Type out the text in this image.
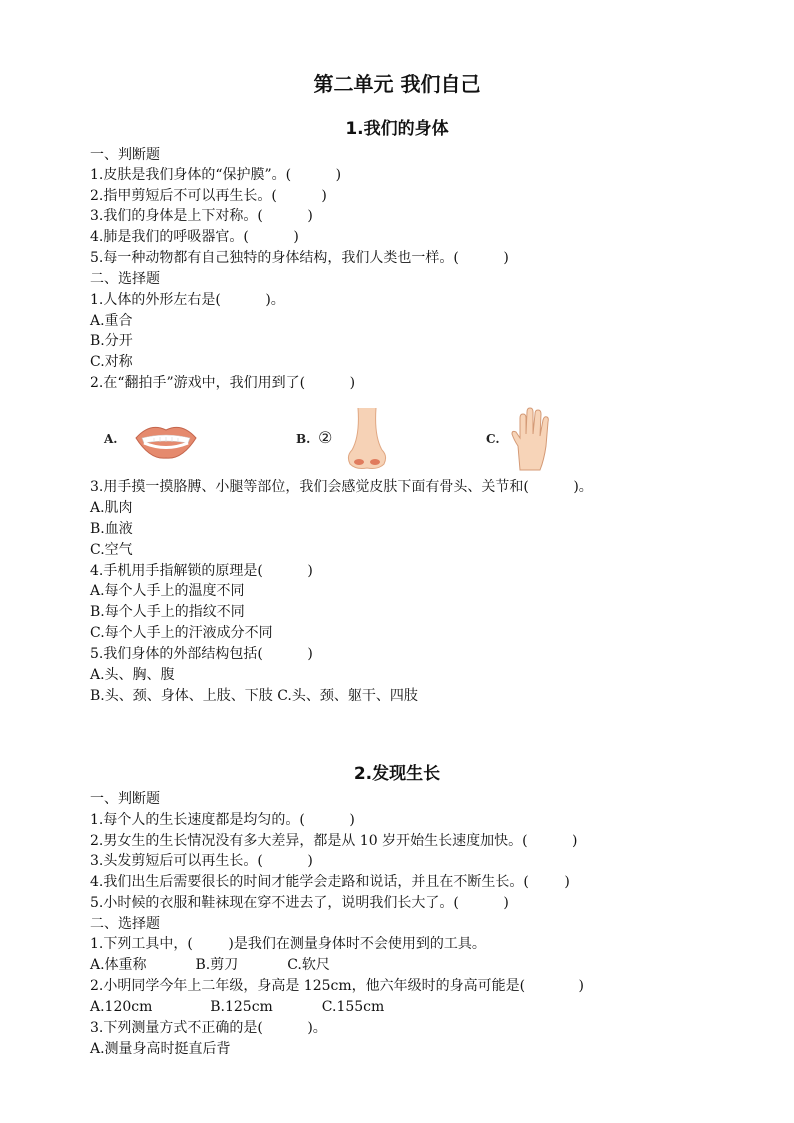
第二单元 我们自己
1.我们的身体
一、判断题
1.皮肤是我们身体的“保护膜”。(          )
2.指甲剪短后不可以再生长。(          )
3.我们的身体是上下对称。(          )
4.肺是我们的呼吸器官。(          )
5.每一种动物都有自己独特的身体结构，我们人类也一样。(          )
二、选择题
1.人体的外形左右是(          )。
A.重合
B.分开
C.对称
2.在“翻拍手”游戏中，我们用到了(          )
A.	B. ②	C.
3.用手摸一摸胳膊、小腿等部位，我们会感觉皮肤下面有骨头、关节和(          )。
A.肌肉
B.血液
C.空气
4.手机用手指解锁的原理是(          )
A.每个人手上的温度不同
B.每个人手上的指纹不同
C.每个人手上的汗液成分不同
5.我们身体的外部结构包括(          )
A.头、胸、腹
B.头、颈、身体、上肢、下肢 C.头、颈、躯干、四肢
2.发现生长
一、判断题
1.每个人的生长速度都是均匀的。(          )
2.男女生的生长情况没有多大差异，都是从 10 岁开始生长速度加快。(          )
3.头发剪短后可以再生长。(          )
4.我们出生后需要很长的时间才能学会走路和说话，并且在不断生长。(        )
5.小时候的衣服和鞋袜现在穿不进去了，说明我们长大了。(          )
二、选择题
1.下列工具中，(        )是我们在测量身体时不会使用到的工具。
A.体重称           B.剪刀           C.软尺
2.小明同学今年上二年级，身高是 125cm，他六年级时的身高可能是(            )
A.120cm             B.125cm           C.155cm
3.下列测量方式不正确的是(          )。
A.测量身高时挺直后背
